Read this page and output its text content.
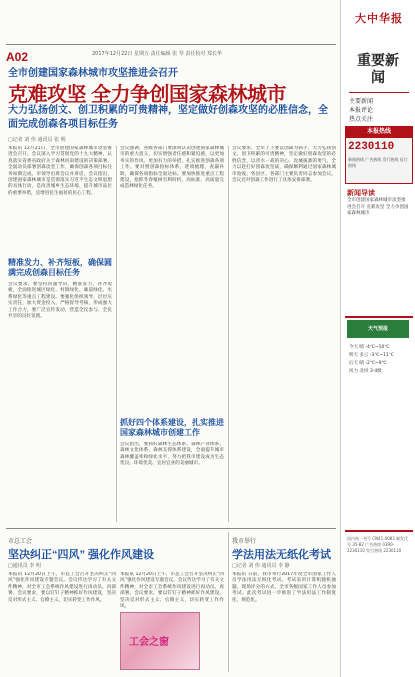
A02	2017年12月22日 星期五 责任编辑 张 琴 责任校对 郑长华
全市创建国家森林城市攻坚推进会召开
克难攻坚 全力争创国家森林城市
大力弘扬创文、创卫积累的可贵精神，坚定做好创森攻坚的必胜信念，全面完成创森各项目标任务
□记者 刘 伟 通讯员 张 明
本报讯 12月21日，全市创建国家森林城市攻坚推进会召开。会议深入学习贯彻党的十九大精神，认真落实省委省政府关于森林河南建设的决策部署，全面动员部署创森攻坚工作，确保创森各项目标任务如期完成。市领导出席会议并讲话。会议指出，创建国家森林城市是贯彻落实习近平生态文明思想的具体行动，是改善城乡生态环境、提升城市品位的重要举措，是增进民生福祉的民心工程。
精准发力、补齐短板，确保圆满完成创森目标任务
会议要求，要坚持问题导向，精准发力，补齐短板，全面推进城区绿化、村镇绿化、廊道绿化、水系绿化等重点工程建设。要强化组织领导，层层压实责任，加大资金投入，严格督导考核，形成强大工作合力。要广泛宣传发动，营造全民参与、全民共享的良好氛围。
会议强调，各级各部门要深刻认识创建国家森林城市的重大意义，切实增强责任感和紧迫感，以更加务实的作风、更加有力的举措，扎实推进创森各项工作。要对照创森指标体系，逐项梳理，查漏补缺，确保各项指标全面达标。要加快推进重点工程建设，抢抓冬春植树有利时机，高标准、高质量完成造林绿化任务。
抓好四个体系建设，扎实推进国家森林城市创建工作
会议指出，要抓好森林生态体系、森林产业体系、森林文化体系、森林支撑体系建设，全面提升城市森林覆盖率和绿化水平，努力把我市建设成为生态优良、环境优美、宜居宜业的美丽城市。
会议要求，全市上下要以创森为抓手，大力弘扬创文、创卫积累的可贵精神，坚定做好创森攻坚的必胜信念，以背水一战的决心、攻城拔寨的勇气，全力以赴打好创森攻坚战，确保顺利通过国家森林城市验收。各县区、各部门主要负责同志参加会议。会议还对创森工作进行了具体安排部署。
市总工会
坚决纠正“四风” 强化作风建设
□通讯员 李 明
本报讯 12月20日上午，市总工会召开坚决纠正“四风”强化作风建设专题会议。会议传达学习了有关文件精神，对全市工会系统作风建设进行再动员、再部署。会议要求，要以钉钉子精神抓好作风建设，坚决反对形式主义、官僚主义，切实转变工作作风。
本报讯 12月20日上午，市总工会召开坚决纠正“四风”强化作风建设专题会议。会议传达学习了有关文件精神，对全市工会系统作风建设进行再动员、再部署。会议要求，要以钉钉子精神抓好作风建设，坚决反对形式主义、官僚主义，切实转变工作作风。
工会之窗
我市举行
学法用法无纸化考试
□记者 刘 伟 通讯员 李 静
本报讯 日前，我市举行2017年度全市国家工作人员学法用法无纸化考试。考试采用计算机随机抽题、现场评分的方式，全市各级国家工作人员参加考试。此次考试进一步推进了学法用法工作制度化、规范化。
大中华报
重要新闻
主要新闻
本报评论
热点关注
本报热线
2230110
新闻热线 广告热线 发行热线 征订热线
新闻导读
全市创建国家森林城市攻坚推进会召开 克难攻坚 全力争创国家森林城市
天气预报
今天 晴 -4℃~10℃
明天 多云 -3℃~11℃
后天 晴 -2℃~9℃
风力 北风 3-4级
国内统一刊号 CN41-0083 邮发代号 35-82 广告热线 0390-2230110 发行热线 2230110
